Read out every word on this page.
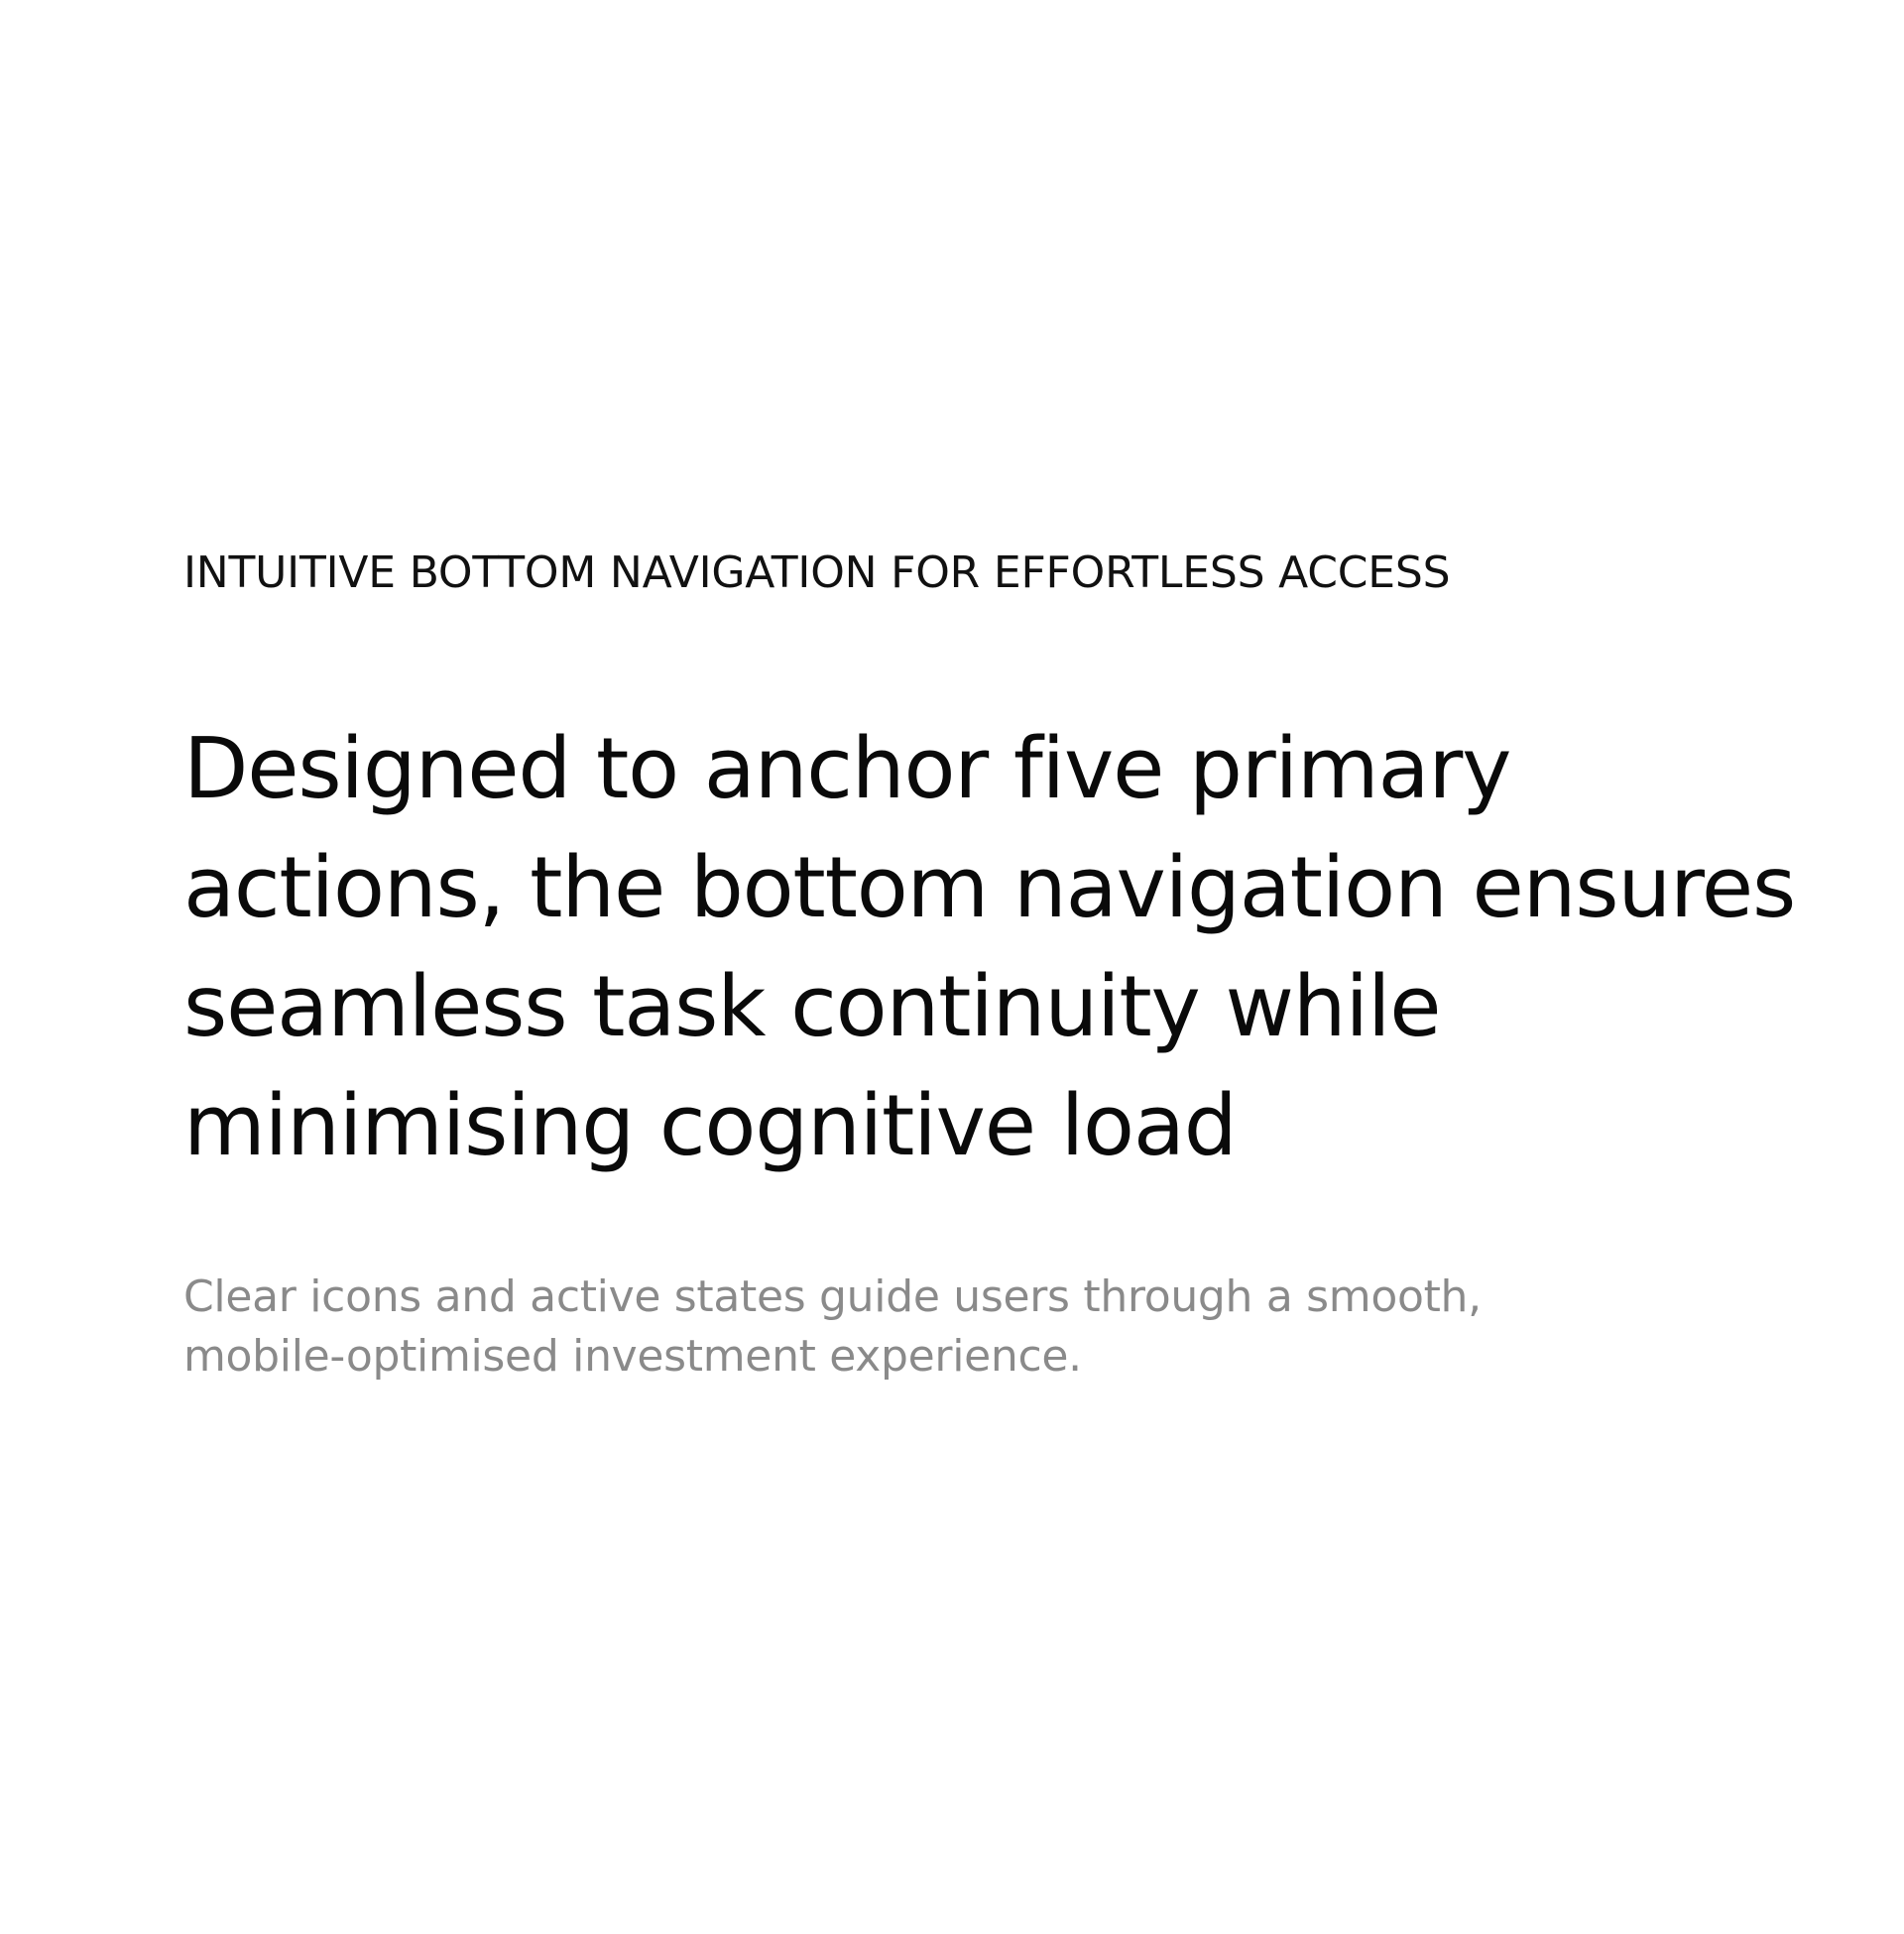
INTUITIVE BOTTOM NAVIGATION FOR EFFORTLESS ACCESS

Designed to anchor five primary
actions, the bottom navigation ensures
seamless task continuity while
minimising cognitive load

Clear icons and active states guide users through a smooth,
mobile-optimised investment experience.
